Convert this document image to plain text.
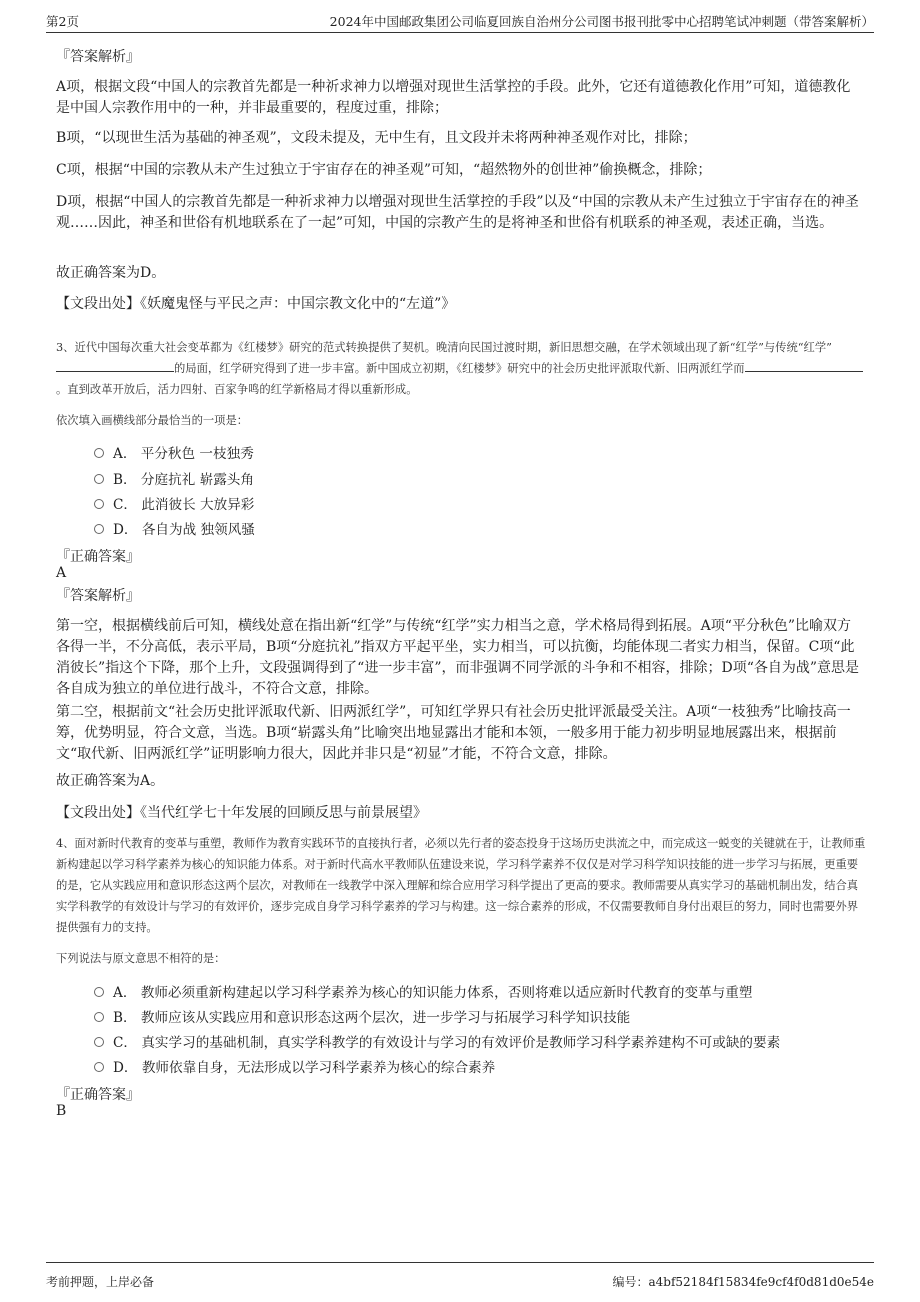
第2页	2024年中国邮政集团公司临夏回族自治州分公司图书报刊批零中心招聘笔试冲刺题（带答案解析）
『答案解析』

A项，根据文段“中国人的宗教首先都是一种祈求神力以增强对现世生活掌控的手段。此外，它还有道德教化作用”可知，道德教化是中国人宗教作用中的一种，并非最重要的，程度过重，排除；

B项，“以现世生活为基础的神圣观”，文段未提及，无中生有，且文段并未将两种神圣观作对比，排除；

C项，根据“中国的宗教从未产生过独立于宇宙存在的神圣观”可知，“超然物外的创世神”偷换概念，排除；

D项，根据“中国人的宗教首先都是一种祈求神力以增强对现世生活掌控的手段”以及“中国的宗教从未产生过独立于宇宙存在的神圣观……因此，神圣和世俗有机地联系在了一起”可知，中国的宗教产生的是将神圣和世俗有机联系的神圣观，表述正确，当选。

故正确答案为D。
【文段出处】《妖魔鬼怪与平民之声：中国宗教文化中的“左道”》

3、近代中国每次重大社会变革都为《红楼梦》研究的范式转换提供了契机。晚清向民国过渡时期，新旧思想交融，在学术领域出现了新“红学”与传统“红学”的局面，红学研究得到了进一步丰富。新中国成立初期，《红楼梦》研究中的社会历史批评派取代新、旧两派红学而。直到改革开放后，活力四射、百家争鸣的红学新格局才得以重新形成。

依次填入画横线部分最恰当的一项是：
A． 平分秋色 一枝独秀
B． 分庭抗礼 崭露头角
C． 此消彼长 大放异彩
D． 各自为战 独领风骚
『正确答案』
A
『答案解析』

第一空，根据横线前后可知，横线处意在指出新“红学”与传统“红学”实力相当之意，学术格局得到拓展。A项“平分秋色”比喻双方各得一半，不分高低，表示平局，B项“分庭抗礼”指双方平起平坐，实力相当，可以抗衡，均能体现二者实力相当，保留。C项“此消彼长”指这个下降，那个上升，文段强调得到了“进一步丰富”，而非强调不同学派的斗争和不相容，排除；D项“各自为战”意思是各自成为独立的单位进行战斗，不符合文意，排除。

第二空，根据前文“社会历史批评派取代新、旧两派红学”，可知红学界只有社会历史批评派最受关注。A项“一枝独秀”比喻技高一筹，优势明显，符合文意，当选。B项“崭露头角”比喻突出地显露出才能和本领，一般多用于能力初步明显地展露出来，根据前文“取代新、旧两派红学”证明影响力很大，因此并非只是“初显”才能，不符合文意，排除。

故正确答案为A。
【文段出处】《当代红学七十年发展的回顾反思与前景展望》

4、面对新时代教育的变革与重塑，教师作为教育实践环节的直接执行者，必须以先行者的姿态投身于这场历史洪流之中，而完成这一蜕变的关键就在于，让教师重新构建起以学习科学素养为核心的知识能力体系。对于新时代高水平教师队伍建设来说，学习科学素养不仅仅是对学习科学知识技能的进一步学习与拓展，更重要的是，它从实践应用和意识形态这两个层次，对教师在一线教学中深入理解和综合应用学习科学提出了更高的要求。教师需要从真实学习的基础机制出发，结合真实学科教学的有效设计与学习的有效评价，逐步完成自身学习科学素养的学习与构建。这一综合素养的形成，不仅需要教师自身付出艰巨的努力，同时也需要外界提供强有力的支持。

下列说法与原文意思不相符的是：
A． 教师必须重新构建起以学习科学素养为核心的知识能力体系，否则将难以适应新时代教育的变革与重塑
B． 教师应该从实践应用和意识形态这两个层次，进一步学习与拓展学习科学知识技能
C． 真实学习的基础机制，真实学科教学的有效设计与学习的有效评价是教师学习科学素养建构不可或缺的要素
D． 教师依靠自身，无法形成以学习科学素养为核心的综合素养
『正确答案』
B
考前押题，上岸必备	编号：a4bf52184f15834fe9cf4f0d81d0e54e
